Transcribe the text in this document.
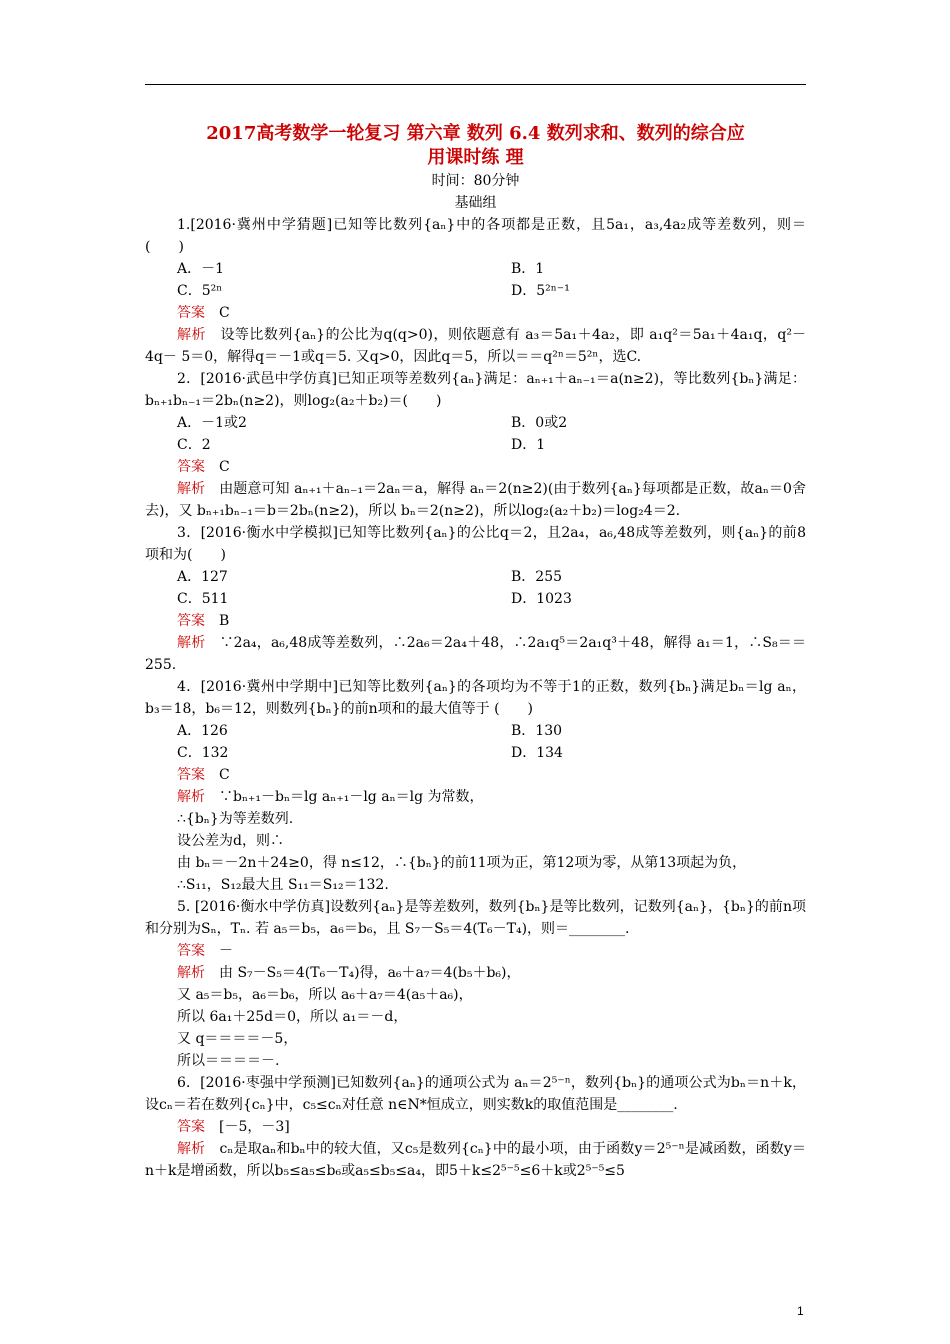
2017高考数学一轮复习 第六章 数列 6.4 数列求和、数列的综合应
用课时练 理
时间：80分钟
基础组
1.[2016·冀州中学猜题]已知等比数列{aₙ}中的各项都是正数，且5a₁，a₃,4a₂成等差数列，则＝(　　)
A．－1	B．1
C．5²ⁿ	D．5²ⁿ⁻¹
答案　 C
解析　 设等比数列{aₙ}的公比为q(q>0)，则依题意有 a₃＝5a₁＋4a₂，即 a₁q²＝5a₁＋4a₁q，q²－4q－ 5＝0，解得q＝－1或q＝5. 又q>0，因此q＝5，所以＝＝q²ⁿ＝5²ⁿ，选C.
2．[2016·武邑中学仿真]已知正项等差数列{aₙ}满足：aₙ₊₁＋aₙ₋₁＝a(n≥2)，等比数列{bₙ}满足：bₙ₊₁bₙ₋₁＝2bₙ(n≥2)，则log₂(a₂＋b₂)＝(　　)
A．－1或2	B．0或2
C．2	D．1
答案　 C
解析　 由题意可知 aₙ₊₁＋aₙ₋₁＝2aₙ＝a，解得 aₙ＝2(n≥2)(由于数列{aₙ}每项都是正数，故aₙ＝0舍去)，又 bₙ₊₁bₙ₋₁＝b＝2bₙ(n≥2)，所以 bₙ＝2(n≥2)，所以log₂(a₂＋b₂)＝log₂4＝2.
3．[2016·衡水中学模拟]已知等比数列{aₙ}的公比q＝2，且2a₄，a₆,48成等差数列，则{aₙ}的前8项和为(　　)
A．127	B．255
C．511	D．1023
答案　 B
解析　 ∵2a₄，a₆,48成等差数列，∴2a₆＝2a₄＋48，∴2a₁q⁵＝2a₁q³＋48，解得 a₁＝1，∴S₈＝＝255.
4．[2016·冀州中学期中]已知等比数列{aₙ}的各项均为不等于1的正数，数列{bₙ}满足bₙ＝lg aₙ，b₃＝18，b₆＝12，则数列{bₙ}的前n项和的最大值等于 (　　)
A．126	B．130
C．132	D．134
答案　 C
解析　 ∵bₙ₊₁－bₙ＝lg aₙ₊₁－lg aₙ＝lg 为常数，
∴{bₙ}为等差数列.
设公差为d，则∴
由 bₙ＝－2n＋24≥0，得 n≤12，∴{bₙ}的前11项为正，第12项为零，从第13项起为负，
∴S₁₁，S₁₂最大且 S₁₁＝S₁₂＝132.
5. [2016·衡水中学仿真]设数列{aₙ}是等差数列，数列{bₙ}是等比数列，记数列{aₙ}，{bₙ}的前n项和分别为Sₙ，Tₙ. 若 a₅＝b₅，a₆＝b₆，且 S₇－S₅＝4(T₆－T₄)，则＝________.
答案　 －
解析　 由 S₇－S₅＝4(T₆－T₄)得，a₆＋a₇＝4(b₅＋b₆)，
又 a₅＝b₅，a₆＝b₆，所以 a₆＋a₇＝4(a₅＋a₆)，
所以 6a₁＋25d＝0，所以 a₁＝－d，
又 q＝＝＝＝－5，
所以＝＝＝＝－.
6．[2016·枣强中学预测]已知数列{aₙ}的通项公式为 aₙ＝2⁵⁻ⁿ，数列{bₙ}的通项公式为bₙ＝n＋k，设cₙ＝若在数列{cₙ}中，c₅≤cₙ对任意 n∈N*恒成立，则实数k的取值范围是________.
答案　 [－5，－3]
解析　 cₙ是取aₙ和bₙ中的较大值，又c₅是数列{cₙ}中的最小项，由于函数y＝2⁵⁻ⁿ是减函数，函数y＝n＋k是增函数，所以b₅≤a₅≤b₆或a₅≤b₅≤a₄，即5＋k≤2⁵⁻⁵≤6＋k或2⁵⁻⁵≤5
1
